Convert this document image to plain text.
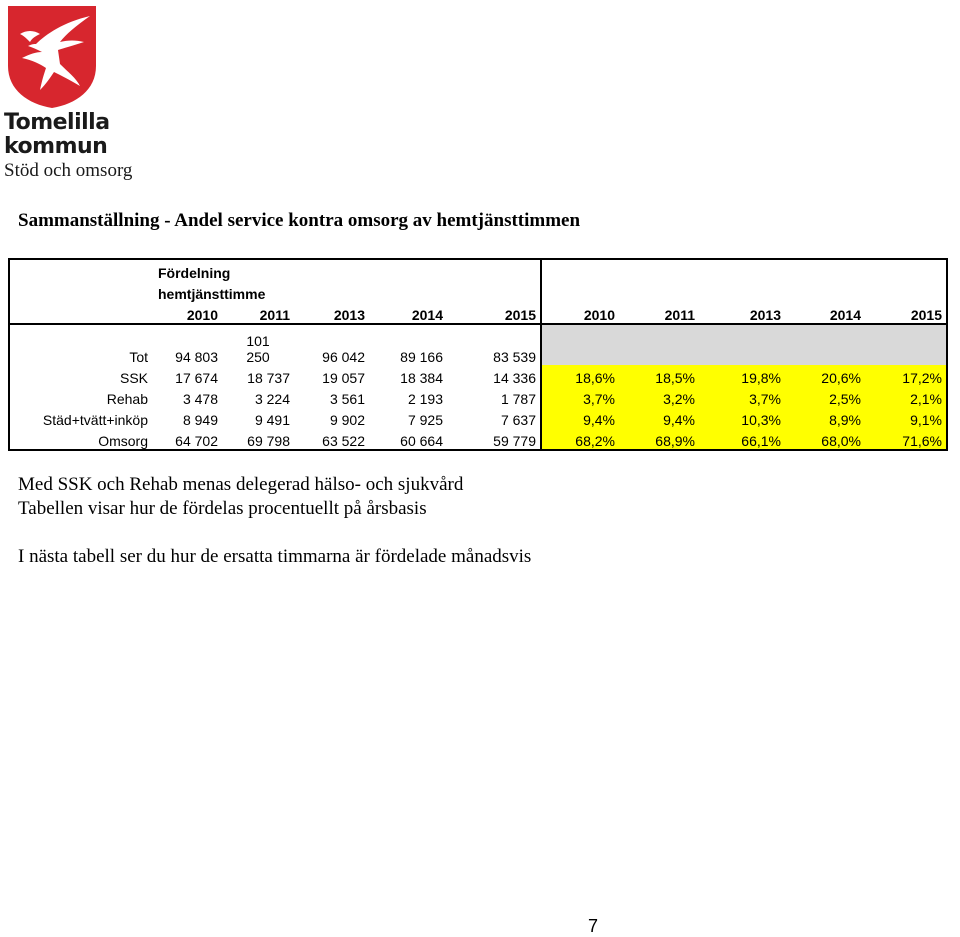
Tomelilla
kommun
Stöd och omsorg
Sammanställning - Andel service kontra omsorg av hemtjänsttimmen
	Fördelning									
	hemtjänsttimme									
	2010	2011	2013	2014	2015	2010	2011	2013	2014	2015
Tot	94 803	101
250	96 042	89 166	83 539					
SSK	17 674	18 737	19 057	18 384	14 336	18,6%	18,5%	19,8%	20,6%	17,2%
Rehab	3 478	3 224	3 561	2 193	1 787	3,7%	3,2%	3,7%	2,5%	2,1%
Städ+tvätt+inköp	8 949	9 491	9 902	7 925	7 637	9,4%	9,4%	10,3%	8,9%	9,1%
Omsorg	64 702	69 798	63 522	60 664	59 779	68,2%	68,9%	66,1%	68,0%	71,6%
Med SSK och Rehab menas delegerad hälso- och sjukvård
Tabellen visar hur de fördelas procentuellt på årsbasis
I nästa tabell ser du hur de ersatta timmarna är fördelade månadsvis
7
